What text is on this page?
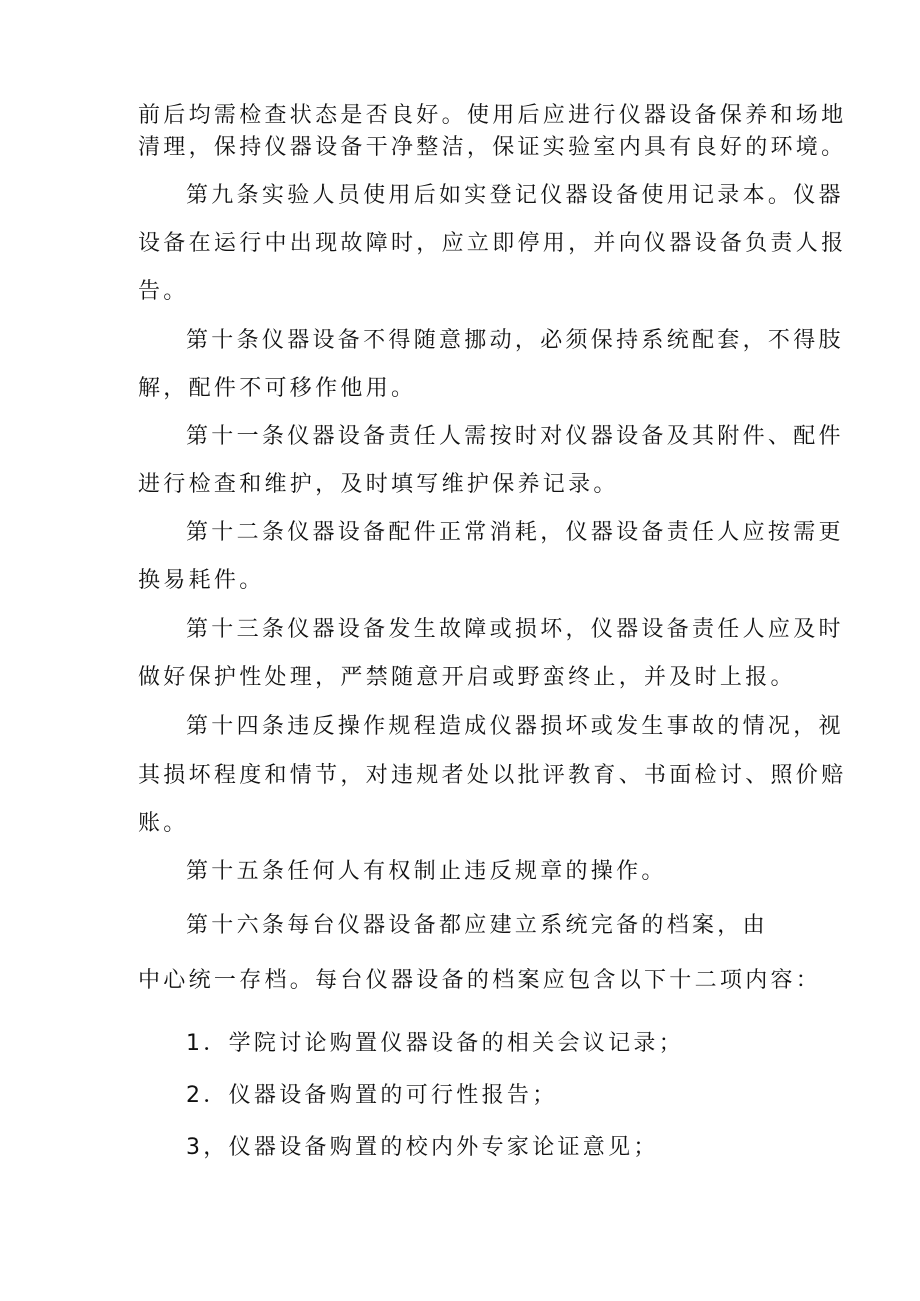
前后均需检查状态是否良好。使用后应进行仪器设备保养和场地

清理，保持仪器设备干净整洁，保证实验室内具有良好的环境。

第九条实验人员使用后如实登记仪器设备使用记录本。仪器

设备在运行中出现故障时，应立即停用，并向仪器设备负责人报

告。

第十条仪器设备不得随意挪动，必须保持系统配套，不得肢

解，配件不可移作他用。

第十一条仪器设备责任人需按时对仪器设备及其附件、配件

进行检查和维护，及时填写维护保养记录。

第十二条仪器设备配件正常消耗，仪器设备责任人应按需更

换易耗件。

第十三条仪器设备发生故障或损坏，仪器设备责任人应及时

做好保护性处理，严禁随意开启或野蛮终止，并及时上报。

第十四条违反操作规程造成仪器损坏或发生事故的情况，视

其损坏程度和情节，对违规者处以批评教育、书面检讨、照价赔

账。

第十五条任何人有权制止违反规章的操作。

第十六条每台仪器设备都应建立系统完备的档案，由

中心统一存档。每台仪器设备的档案应包含以下十二项内容：

1．学院讨论购置仪器设备的相关会议记录；

2．仪器设备购置的可行性报告；

3，仪器设备购置的校内外专家论证意见；
